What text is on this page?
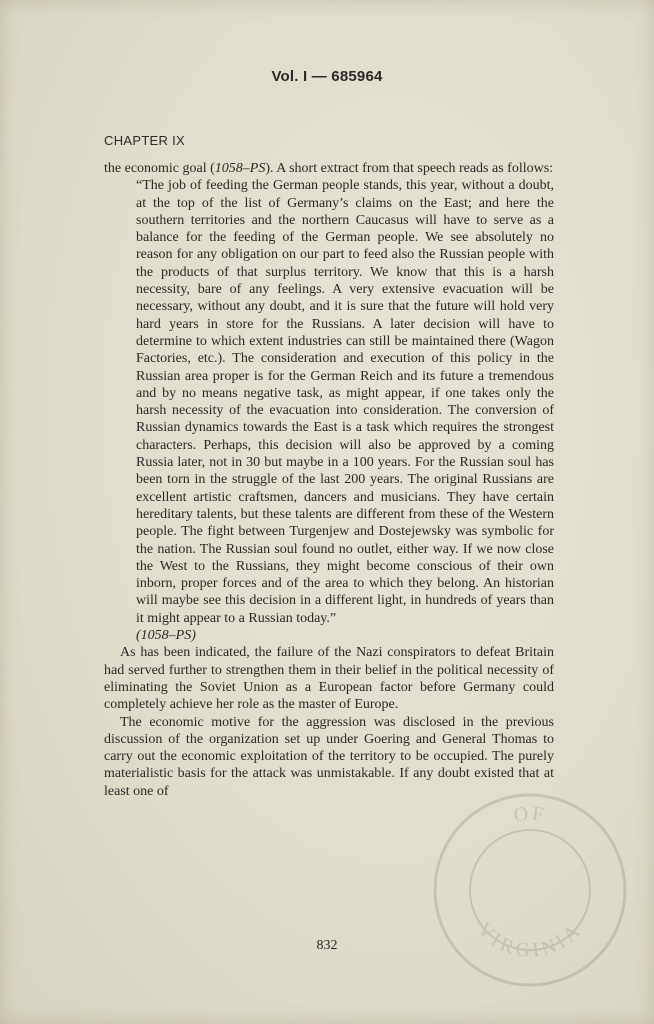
Vol. I — 685964
CHAPTER IX

the economic goal (1058–PS). A short extract from that speech reads as follows:

“The job of feeding the German people stands, this year, without a doubt, at the top of the list of Germany’s claims on the East; and here the southern territories and the northern Caucasus will have to serve as a balance for the feeding of the German people. We see absolutely no reason for any obligation on our part to feed also the Russian people with the products of that surplus territory. We know that this is a harsh necessity, bare of any feelings. A very extensive evacuation will be necessary, without any doubt, and it is sure that the future will hold very hard years in store for the Russians. A later decision will have to determine to which extent industries can still be maintained there (Wagon Factories, etc.). The consideration and execution of this policy in the Russian area proper is for the German Reich and its future a tremendous and by no means negative task, as might appear, if one takes only the harsh necessity of the evacuation into consideration. The conversion of Russian dynamics towards the East is a task which requires the strongest characters. Perhaps, this decision will also be approved by a coming Russia later, not in 30 but maybe in a 100 years. For the Russian soul has been torn in the struggle of the last 200 years. The original Russians are excellent artistic craftsmen, dancers and musicians. They have certain hereditary talents, but these talents are different from these of the Western people. The fight between Turgenjew and Dostejewsky was symbolic for the nation. The Russian soul found no outlet, either way. If we now close the West to the Russians, they might become conscious of their own inborn, proper forces and of the area to which they belong. An historian will maybe see this decision in a different light, in hundreds of years than it might appear to a Russian today.”

(1058–PS)

As has been indicated, the failure of the Nazi conspirators to defeat Britain had served further to strengthen them in their belief in the political necessity of eliminating the Soviet Union as a European factor before Germany could completely achieve her role as the master of Europe.

The economic motive for the aggression was disclosed in the previous discussion of the organization set up under Goering and General Thomas to carry out the economic exploitation of the territory to be occupied. The purely materialistic basis for the attack was unmistakable. If any doubt existed that at least one of

832
OF
VIRGINIA
